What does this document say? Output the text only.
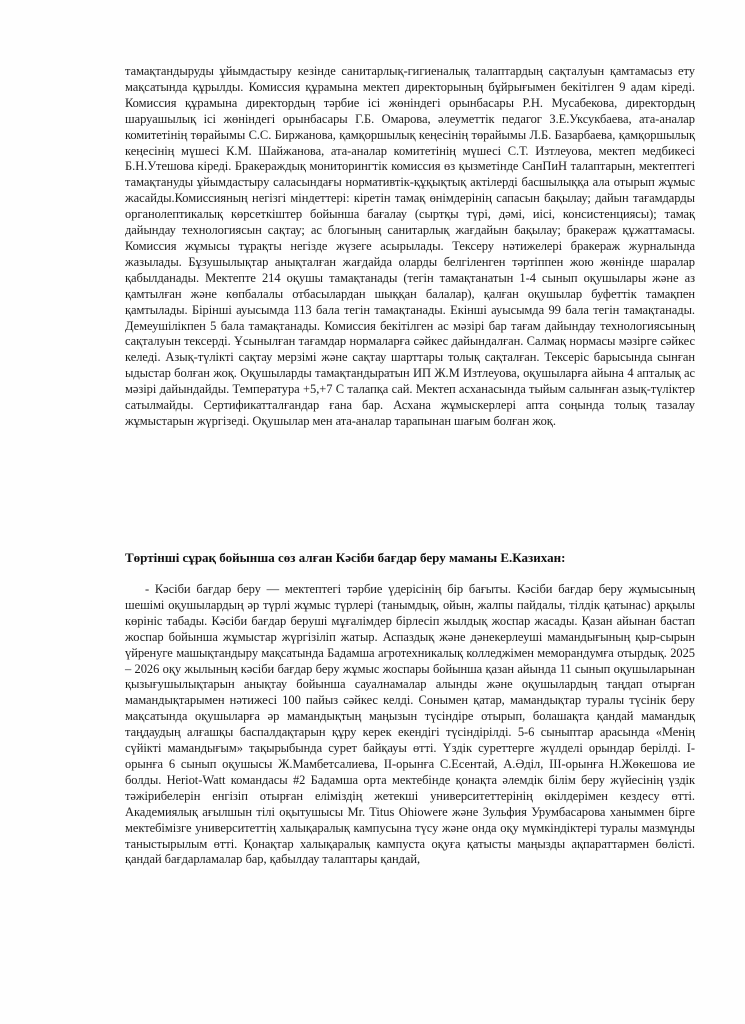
тамақтандыруды ұйымдастыру кезінде санитарлық-гигиеналық талаптардың сақталуын қамтамасыз ету мақсатында құрылды. Комиссия құрамына мектеп директорының бұйрығымен бекітілген 9 адам кіреді. Комиссия құрамына директордың тәрбие ісі жөніндегі орынбасары Р.Н. Мусабекова, директордың шаруашылық ісі жөніндегі орынбасары Г.Б. Омарова, әлеуметтік педагог З.Е.Уксукбаева, ата-аналар комитетінің төрайымы С.С. Биржанова, қамқоршылық кеңесінің төрайымы Л.Б. Базарбаева, қамқоршылық кеңесінің мүшесі К.М. Шайжанова, ата-аналар комитетінің мүшесі С.Т. Изтлеуова, мектеп медбикесі Б.Н.Утешова кіреді. Бракераждық мониторингтік комиссия өз қызметінде СанПиН талаптарын, мектептегі тамақтануды ұйымдастыру саласындағы нормативтік-құқықтық актілерді басшылыққа ала отырып жұмыс жасайды.Комиссияның негізгі міндеттері: кіретін тамақ өнімдерінің сапасын бақылау; дайын тағамдарды органолептикалық көрсеткіштер бойынша бағалау (сыртқы түрі, дәмі, иісі, консистенциясы); тамақ дайындау технологиясын сақтау; ас блогының санитарлық жағдайын бақылау; бракераж құжаттамасы. Комиссия жұмысы тұрақты негізде жүзеге асырылады. Тексеру нәтижелері бракераж журналында жазылады. Бұзушылықтар анықталған жағдайда оларды белгіленген тәртіппен жою жөнінде шаралар қабылданады. Мектепте 214 оқушы тамақтанады (тегін тамақтанатын 1-4 сынып оқушылары және аз қамтылған және көпбалалы отбасылардан шыққан балалар), қалған оқушылар буфеттік тамақпен қамтылады. Бірінші ауысымда 113 бала тегін тамақтанады. Екінші ауысымда 99 бала тегін тамақтанады. Демеушілікпен 5 бала тамақтанады. Комиссия бекітілген ас мәзірі бар тағам дайындау технологиясының сақталуын тексерді. Ұсынылған тағамдар нормаларға сәйкес дайындалған. Салмақ нормасы мәзірге сәйкес келеді. Азық-түлікті сақтау мерзімі және сақтау шарттары толық сақталған. Тексеріс барысында сынған ыдыстар болған жоқ. Оқушыларды тамақтандыратын ИП Ж.М Изтлеуова, оқушыларға айына 4 апталық ас мәзірі дайындайды. Температура +5,+7 С талапқа сай. Мектеп асханасында тыйым салынған азық-түліктер сатылмайды. Сертификатталғандар ғана бар. Асхана жұмыскерлері апта соңында толық тазалау жұмыстарын жүргізеді. Оқушылар мен ата-аналар тарапынан шағым болған жоқ.

Төртінші сұрақ бойынша сөз алған Кәсіби бағдар беру маманы Е.Казихан:

- Кәсіби бағдар беру — мектептегі тәрбие үдерісінің бір бағыты. Кәсіби бағдар беру жұмысының шешімі оқушылардың әр түрлі жұмыс түрлері (танымдық, ойын, жалпы пайдалы, тілдік қатынас) арқылы көрініс табады. Кәсіби бағдар беруші мұғалімдер бірлесіп жылдық жоспар жасады. Қазан айынан бастап жоспар бойынша жұмыстар жүргізіліп жатыр. Аспаздық және дәнекерлеуші мамандығының қыр-сырын үйренуге машықтандыру мақсатында Бадамша агротехникалық колледжімен меморандумға отырдық. 2025 – 2026 оқу жылының кәсіби бағдар беру жұмыс жоспары бойынша қазан айында 11 сынып оқушыларынан қызығушылықтарын анықтау бойынша сауалнамалар алынды және оқушылардың таңдап отырған мамандықтарымен нәтижесі 100 пайыз сәйкес келді. Сонымен қатар, мамандықтар туралы түсінік беру мақсатында оқушыларға әр мамандықтың маңызын түсіндіре отырып, болашақта қандай мамандық таңдаудың алғашқы баспалдақтарын құру керек екендігі түсіндірілді. 5-6 сыныптар арасында «Менің сүйікті мамандығым» тақырыбында сурет байқауы өтті. Үздік суреттерге жүлделі орындар берілді. I-орынға 6 сынып оқушысы Ж.Мамбетсалиева, II-орынға С.Есентай, А.Әділ, III-орынға Н.Жөкешова ие болды. Heriot-Watt командасы #2 Бадамша орта мектебінде қонақта әлемдік білім беру жүйесінің үздік тәжірибелерін енгізіп отырған еліміздің жетекші университеттерінің өкілдерімен кездесу өтті. Академиялық ағылшын тілі оқытушысы Mr. Titus Ohiowere және Зульфия Урумбасарова ханыммен бірге мектебімізге университеттің халықаралық кампусына түсу және онда оқу мүмкіндіктері туралы мазмұнды таныстырылым өтті. Қонақтар халықаралық кампуста оқуға қатысты маңызды ақпараттармен бөлісті. қандай бағдарламалар бар, қабылдау талаптары қандай,
